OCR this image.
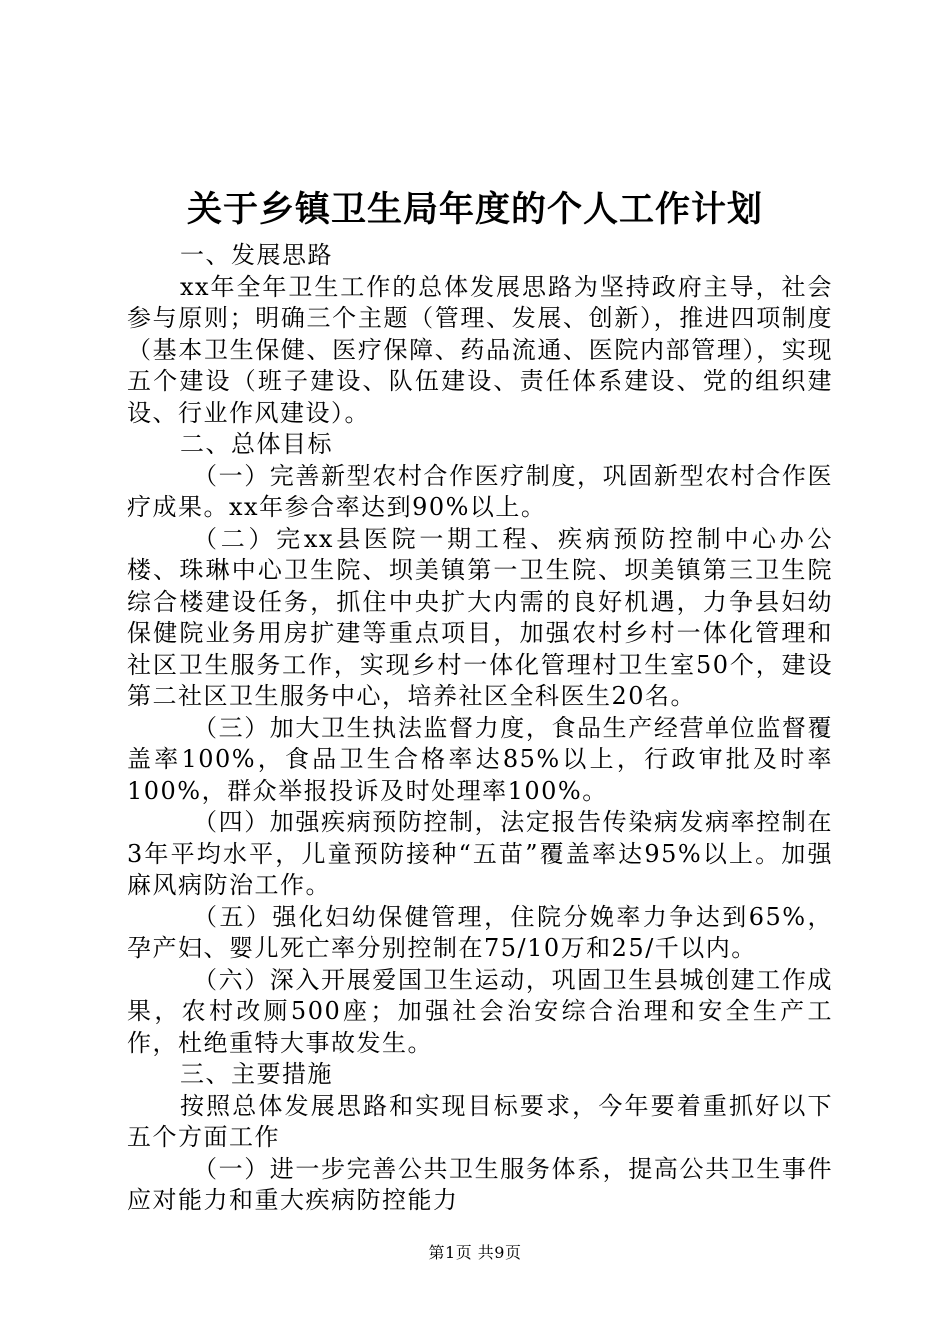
关于乡镇卫生局年度的个人工作计划

一、发展思路

xx年全年卫生工作的总体发展思路为坚持政府主导，社会参与原则；明确三个主题（管理、发展、创新），推进四项制度（基本卫生保健、医疗保障、药品流通、医院内部管理），实现五个建设（班子建设、队伍建设、责任体系建设、党的组织建设、行业作风建设）。

二、总体目标

（一）完善新型农村合作医疗制度，巩固新型农村合作医疗成果。xx年参合率达到90%以上。

（二）完xx县医院一期工程、疾病预防控制中心办公楼、珠琳中心卫生院、坝美镇第一卫生院、坝美镇第三卫生院综合楼建设任务，抓住中央扩大内需的良好机遇，力争县妇幼保健院业务用房扩建等重点项目，加强农村乡村一体化管理和社区卫生服务工作，实现乡村一体化管理村卫生室50个，建设第二社区卫生服务中心，培养社区全科医生20名。

（三）加大卫生执法监督力度，食品生产经营单位监督覆盖率100%，食品卫生合格率达85%以上，行政审批及时率100%，群众举报投诉及时处理率100%。

（四）加强疾病预防控制，法定报告传染病发病率控制在3年平均水平，儿童预防接种“五苗”覆盖率达95%以上。加强麻风病防治工作。

（五）强化妇幼保健管理，住院分娩率力争达到65%，孕产妇、婴儿死亡率分别控制在75/10万和25/千以内。

（六）深入开展爱国卫生运动，巩固卫生县城创建工作成果，农村改厕500座；加强社会治安综合治理和安全生产工作，杜绝重特大事故发生。

三、主要措施

按照总体发展思路和实现目标要求，今年要着重抓好以下五个方面工作

（一）进一步完善公共卫生服务体系，提高公共卫生事件应对能力和重大疾病防控能力

第1页 共9页
